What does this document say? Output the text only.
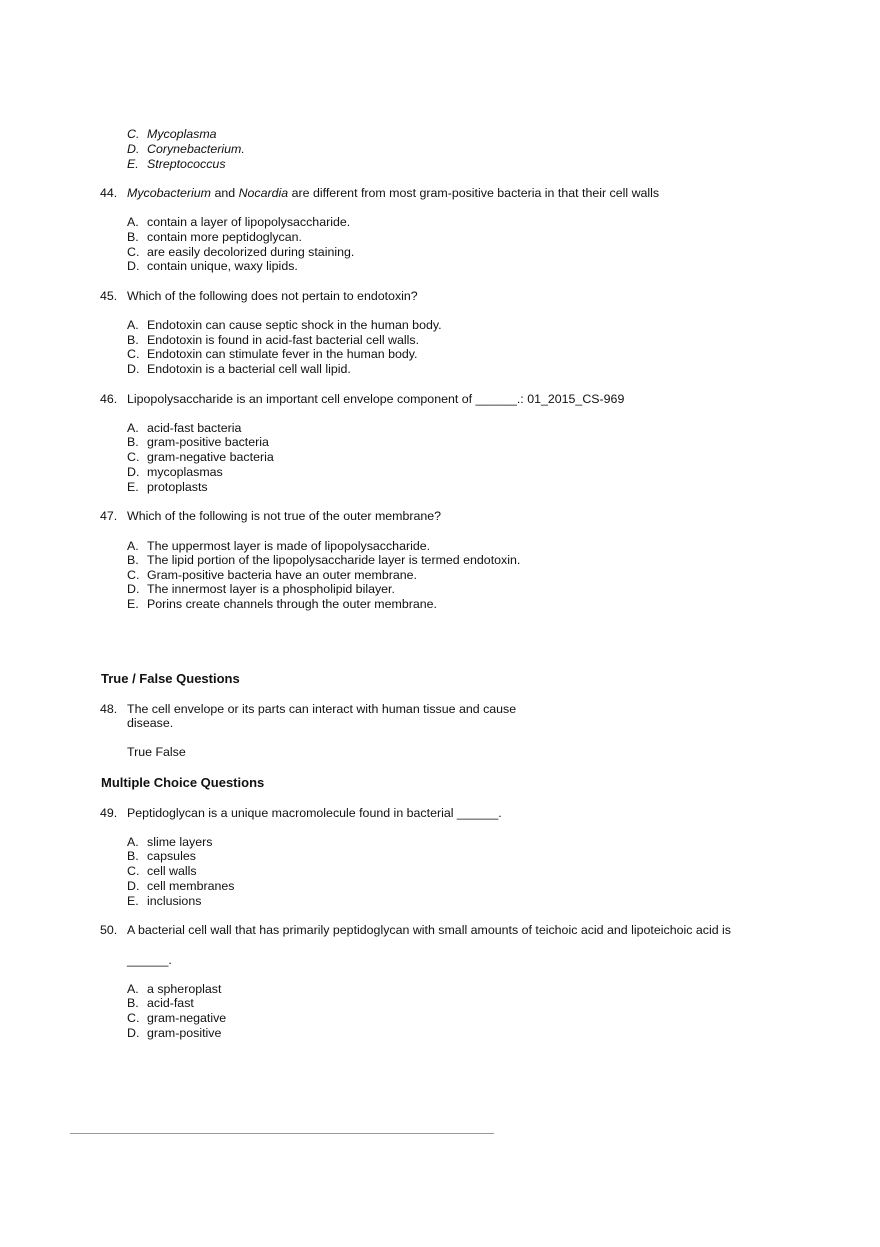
C. Mycoplasma
D. Corynebacterium.
E. Streptococcus
44. Mycobacterium and Nocardia are different from most gram-positive bacteria in that their cell walls
A. contain a layer of lipopolysaccharide.
B. contain more peptidoglycan.
C. are easily decolorized during staining.
D. contain unique, waxy lipids.
45. Which of the following does not pertain to endotoxin?
A. Endotoxin can cause septic shock in the human body.
B. Endotoxin is found in acid-fast bacterial cell walls.
C. Endotoxin can stimulate fever in the human body.
D. Endotoxin is a bacterial cell wall lipid.
46. Lipopolysaccharide is an important cell envelope component of ______.: 01_2015_CS-969
A. acid-fast bacteria
B. gram-positive bacteria
C. gram-negative bacteria
D. mycoplasmas
E. protoplasts
47. Which of the following is not true of the outer membrane?
A. The uppermost layer is made of lipopolysaccharide.
B. The lipid portion of the lipopolysaccharide layer is termed endotoxin.
C. Gram-positive bacteria have an outer membrane.
D. The innermost layer is a phospholipid bilayer.
E. Porins create channels through the outer membrane.
True / False Questions
48. The cell envelope or its parts can interact with human tissue and cause
disease.
True False
Multiple Choice Questions
49. Peptidoglycan is a unique macromolecule found in bacterial ______.
A. slime layers
B. capsules
C. cell walls
D. cell membranes
E. inclusions
50. A bacterial cell wall that has primarily peptidoglycan with small amounts of teichoic acid and lipoteichoic acid is
______.
A. a spheroplast
B. acid-fast
C. gram-negative
D. gram-positive
